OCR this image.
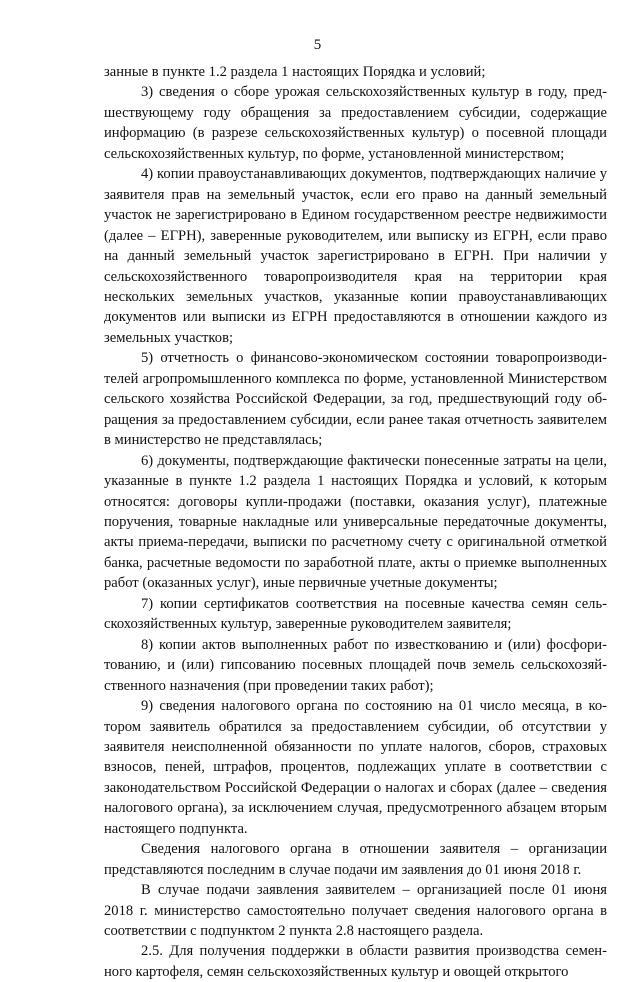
5

занные в пункте 1.2 раздела 1 настоящих Порядка и условий;

3) сведения о сборе урожая сельскохозяйственных культур в году, предшествующему году обращения за предоставлением субсидии, содержащие информацию (в разрезе сельскохозяйственных культур) о посевной площади сельскохозяйственных культур, по форме, установленной министерством;

4) копии правоустанавливающих документов, подтверждающих наличие у заявителя прав на земельный участок, если его право на данный земельный участок не зарегистрировано в Едином государственном реестре недвижимости (далее – ЕГРН), заверенные руководителем, или выписку из ЕГРН, если право на данный земельный участок зарегистрировано в ЕГРН. При наличии у сельскохозяйственного товаропроизводителя края на территории края нескольких земельных участков, указанные копии правоустанавливающих документов или выписки из ЕГРН предоставляются в отношении каждого из земельных участков;

5) отчетность о финансово-экономическом состоянии товаропроизводителей агропромышленного комплекса по форме, установленной Министерством сельского хозяйства Российской Федерации, за год, предшествующий году обращения за предоставлением субсидии, если ранее такая отчетность заявителем в министерство не представлялась;

6) документы, подтверждающие фактически понесенные затраты на цели, указанные в пункте 1.2 раздела 1 настоящих Порядка и условий, к которым относятся: договоры купли-продажи (поставки, оказания услуг), платежные поручения, товарные накладные или универсальные передаточные документы, акты приема-передачи, выписки по расчетному счету с оригинальной отметкой банка, расчетные ведомости по заработной плате, акты о приемке выполненных работ (оказанных услуг), иные первичные учетные документы;

7) копии сертификатов соответствия на посевные качества семян сельскохозяйственных культур, заверенные руководителем заявителя;

8) копии актов выполненных работ по известкованию и (или) фосфоритованию, и (или) гипсованию посевных площадей почв земель сельскохозяйственного назначения (при проведении таких работ);

9) сведения налогового органа по состоянию на 01 число месяца, в котором заявитель обратился за предоставлением субсидии, об отсутствии у заявителя неисполненной обязанности по уплате налогов, сборов, страховых взносов, пеней, штрафов, процентов, подлежащих уплате в соответствии с законодательством Российской Федерации о налогах и сборах (далее – сведения налогового органа), за исключением случая, предусмотренного абзацем вторым настоящего подпункта.

Сведения налогового органа в отношении заявителя – организации представляются последним в случае подачи им заявления до 01 июня 2018 г.

В случае подачи заявления заявителем – организацией после 01 июня 2018 г. министерство самостоятельно получает сведения налогового органа в соответствии с подпунктом 2 пункта 2.8 настоящего раздела.

2.5. Для получения поддержки в области развития производства семенного картофеля, семян сельскохозяйственных культур и овощей открытого
